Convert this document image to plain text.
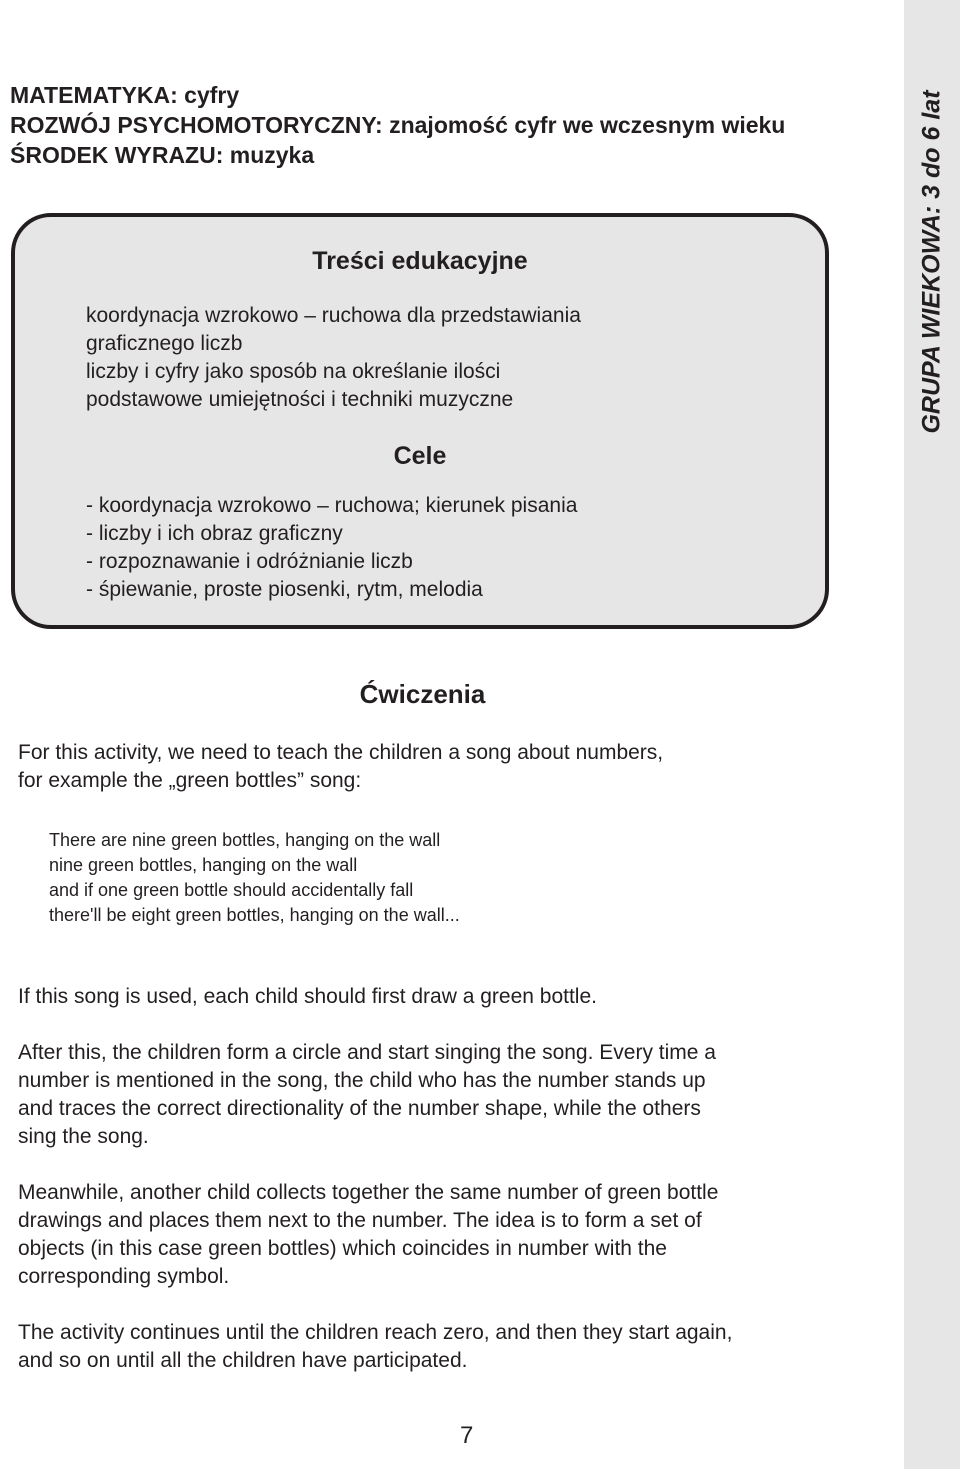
GRUPA WIEKOWA: 3 do 6 lat
MATEMATYKA: cyfry
ROZWÓJ PSYCHOMOTORYCZNY: znajomość cyfr we wczesnym wieku
ŚRODEK WYRAZU: muzyka
Treści edukacyjne
koordynacja wzrokowo – ruchowa dla przedstawiania
graficznego liczb
liczby i cyfry jako sposób na określanie ilości
podstawowe umiejętności i techniki muzyczne
Cele
- koordynacja wzrokowo – ruchowa; kierunek pisania
- liczby i ich obraz graficzny
- rozpoznawanie i odróżnianie liczb
- śpiewanie, proste piosenki, rytm, melodia
Ćwiczenia
For this activity, we need to teach the children a song about numbers,
for example the „green bottles” song:
There are nine green bottles, hanging on the wall
nine green bottles, hanging on the wall
and if one green bottle should accidentally fall
there'll be eight green bottles, hanging on the wall...
If this song is used, each child should first draw a green bottle.
After this, the children form a circle and start singing the song. Every time a
number is mentioned in the song, the child who has the number stands up
and traces the correct directionality of the number shape, while the others
sing the song.
Meanwhile, another child collects together the same number of green bottle
drawings and places them next to the number. The idea is to form a set of
objects (in this case green bottles) which coincides in number with the
corresponding symbol.
The activity continues until the children reach zero, and then they start again,
and so on until all the children have participated.
7
